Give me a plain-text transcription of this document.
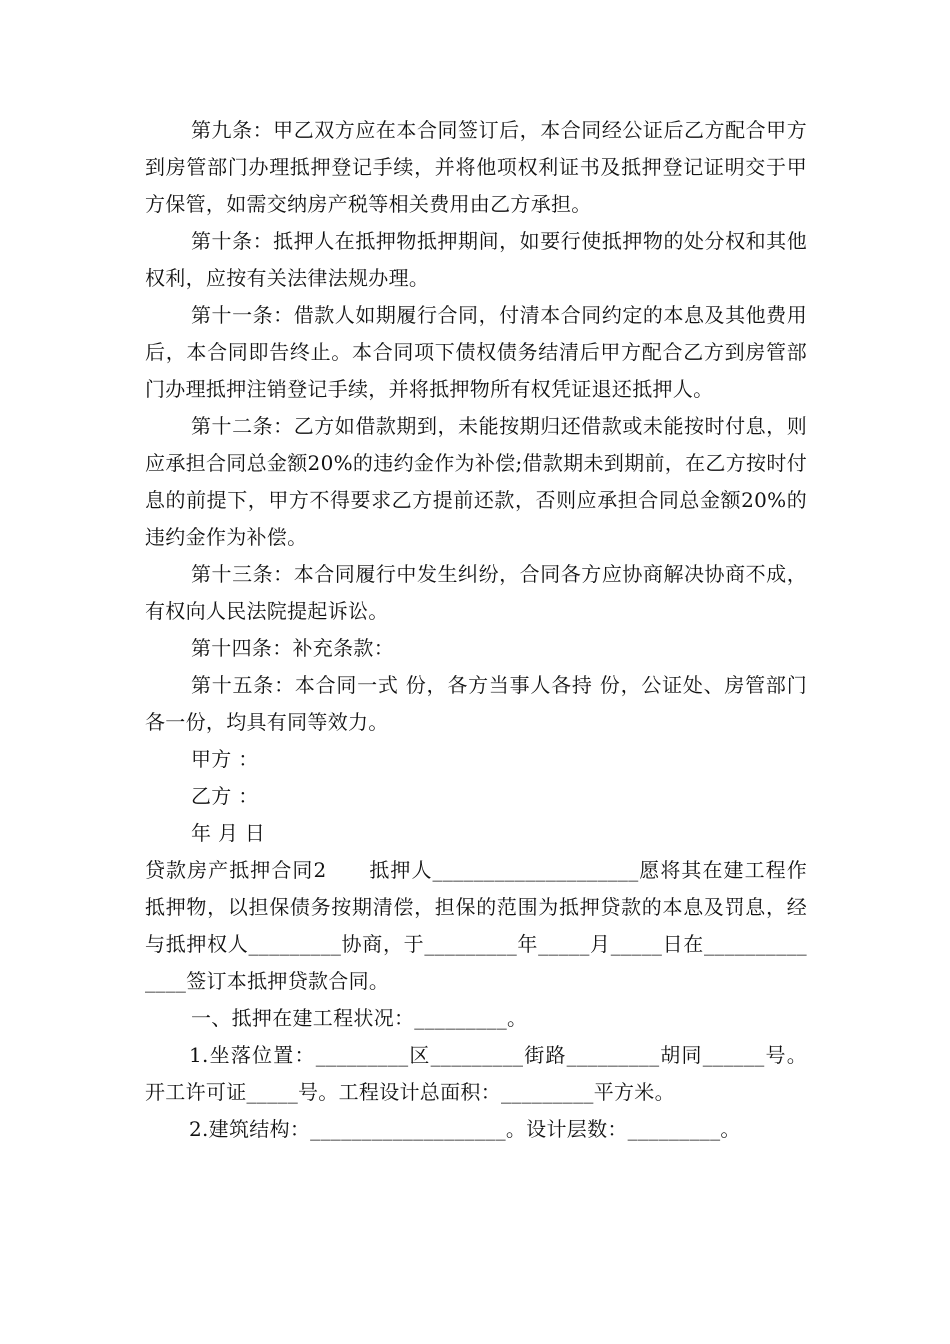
第九条：甲乙双方应在本合同签订后，本合同经公证后乙方配合甲方到房管部门办理抵押登记手续，并将他项权利证书及抵押登记证明交于甲方保管，如需交纳房产税等相关费用由乙方承担。

第十条：抵押人在抵押物抵押期间，如要行使抵押物的处分权和其他权利，应按有关法律法规办理。

第十一条：借款人如期履行合同，付清本合同约定的本息及其他费用后，本合同即告终止。本合同项下债权债务结清后甲方配合乙方到房管部门办理抵押注销登记手续，并将抵押物所有权凭证退还抵押人。

第十二条：乙方如借款期到，未能按期归还借款或未能按时付息，则应承担合同总金额20%的违约金作为补偿;借款期未到期前，在乙方按时付息的前提下，甲方不得要求乙方提前还款，否则应承担合同总金额20%的违约金作为补偿。

第十三条：本合同履行中发生纠纷，合同各方应协商解决协商不成，有权向人民法院提起诉讼。

第十四条：补充条款：

第十五条：本合同一式 份，各方当事人各持 份，公证处、房管部门各一份，均具有同等效力。

甲方 ：

乙方 ：

年 月 日

贷款房产抵押合同2　　抵押人____________________愿将其在建工程作抵押物，以担保债务按期清偿，担保的范围为抵押贷款的本息及罚息，经与抵押权人_________协商，于_________年_____月_____日在______________签订本抵押贷款合同。

一、抵押在建工程状况：_________。

1.坐落位置：_________区_________街路_________胡同______号。开工许可证_____号。工程设计总面积：_________平方米。

2.建筑结构：___________________。设计层数：_________。
